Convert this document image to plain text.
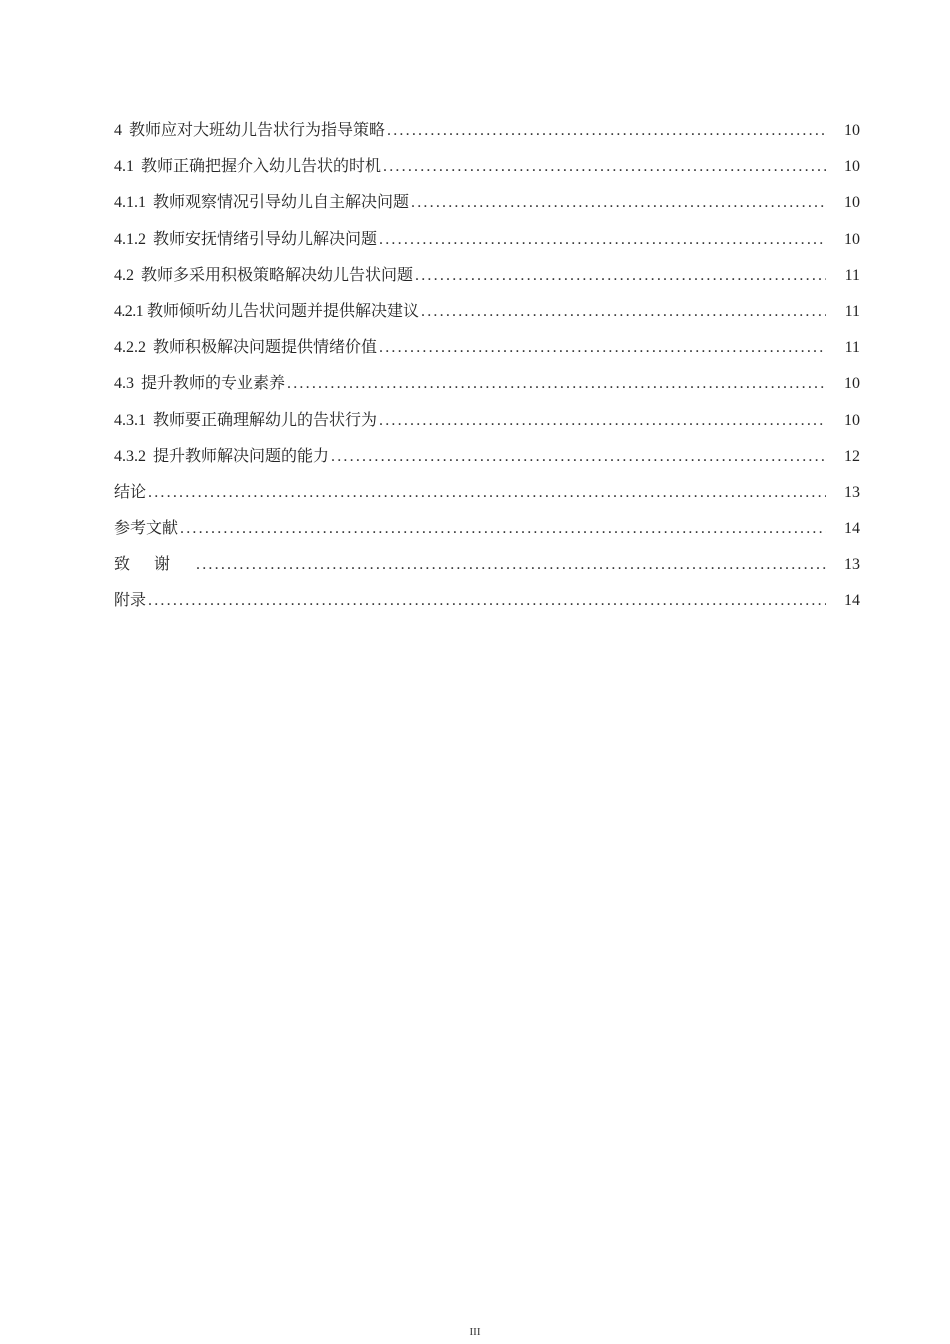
4 教师应对大班幼儿告状行为指导策略 .....	10
4.1 教师正确把握介入幼儿告状的时机 .....	10
4.1.1 教师观察情况引导幼儿自主解决问题 .....	10
4.1.2 教师安抚情绪引导幼儿解决问题 .....	10
4.2 教师多采用积极策略解决幼儿告状问题 .....	11
4.2.1 教师倾听幼儿告状问题并提供解决建议 .....	11
4.2.2 教师积极解决问题提供情绪价值 .....	11
4.3 提升教师的专业素养 .....	10
4.3.1 教师要正确理解幼儿的告状行为 .....	10
4.3.2 提升教师解决问题的能力 .....	12
结论 .....	13
参考文献 .....	14
致谢 .....	13
附录 .....	14
III
